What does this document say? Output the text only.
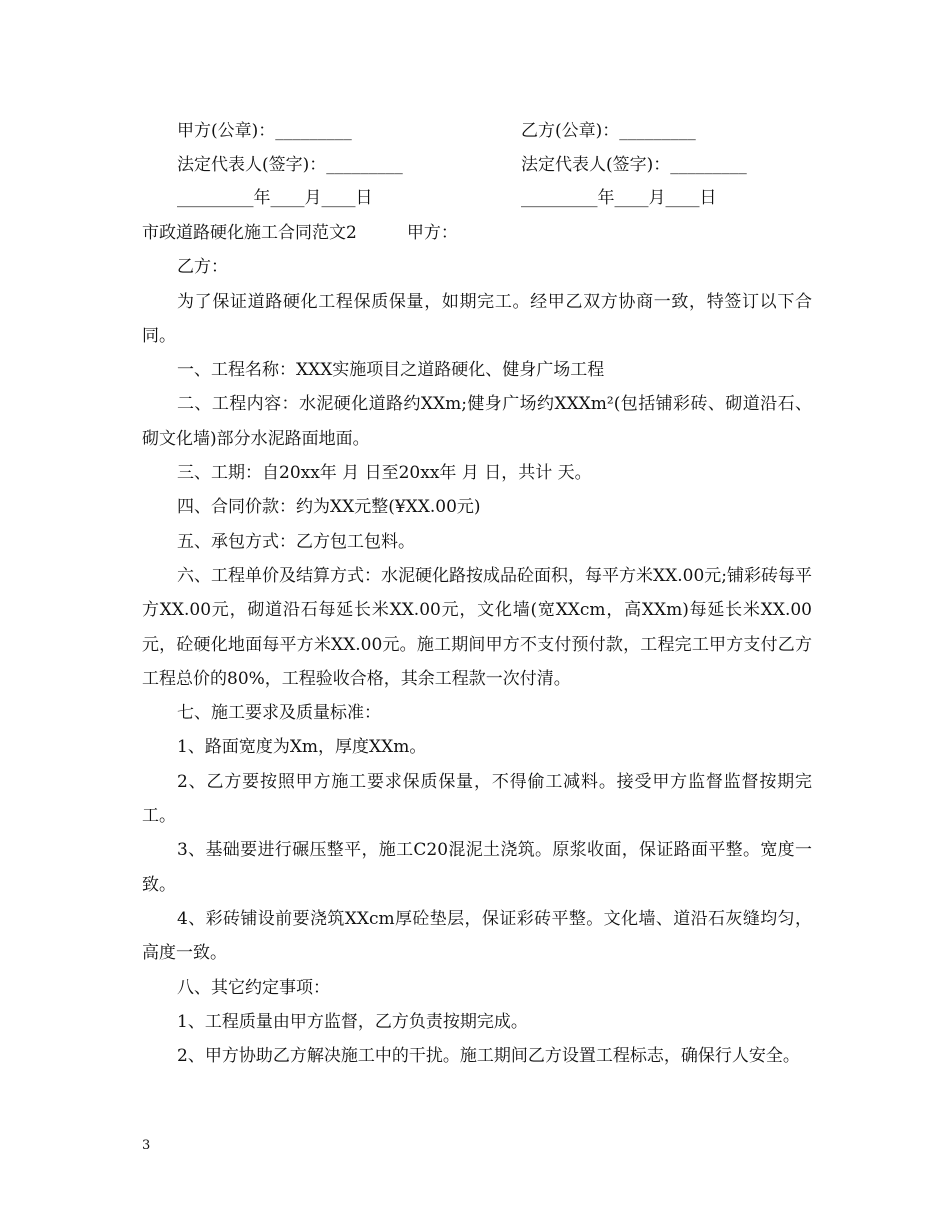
甲方(公章)：_________	乙方(公章)：_________
法定代表人(签字)：_________	法定代表人(签字)：_________
_________年____月____日	_________年____月____日

市政道路硬化施工合同范文2	甲方：

乙方：

为了保证道路硬化工程保质保量，如期完工。经甲乙双方协商一致，特签订以下合同。

一、工程名称：XXX实施项目之道路硬化、健身广场工程

二、工程内容：水泥硬化道路约XXm;健身广场约XXXm²(包括铺彩砖、砌道沿石、砌文化墙)部分水泥路面地面。

三、工期：自20xx年 月 日至20xx年 月 日，共计 天。

四、合同价款：约为XX元整(¥XX.00元)

五、承包方式：乙方包工包料。

六、工程单价及结算方式：水泥硬化路按成品砼面积，每平方米XX.00元;铺彩砖每平方XX.00元，砌道沿石每延长米XX.00元，文化墙(宽XXcm，高XXm)每延长米XX.00元，砼硬化地面每平方米XX.00元。施工期间甲方不支付预付款，工程完工甲方支付乙方工程总价的80%，工程验收合格，其余工程款一次付清。

七、施工要求及质量标准：

1、路面宽度为Xm，厚度XXm。

2、乙方要按照甲方施工要求保质保量，不得偷工减料。接受甲方监督监督按期完工。

3、基础要进行碾压整平，施工C20混泥土浇筑。原浆收面，保证路面平整。宽度一致。

4、彩砖铺设前要浇筑XXcm厚砼垫层，保证彩砖平整。文化墙、道沿石灰缝均匀，高度一致。

八、其它约定事项：

1、工程质量由甲方监督，乙方负责按期完成。

2、甲方协助乙方解决施工中的干扰。施工期间乙方设置工程标志，确保行人安全。

3
